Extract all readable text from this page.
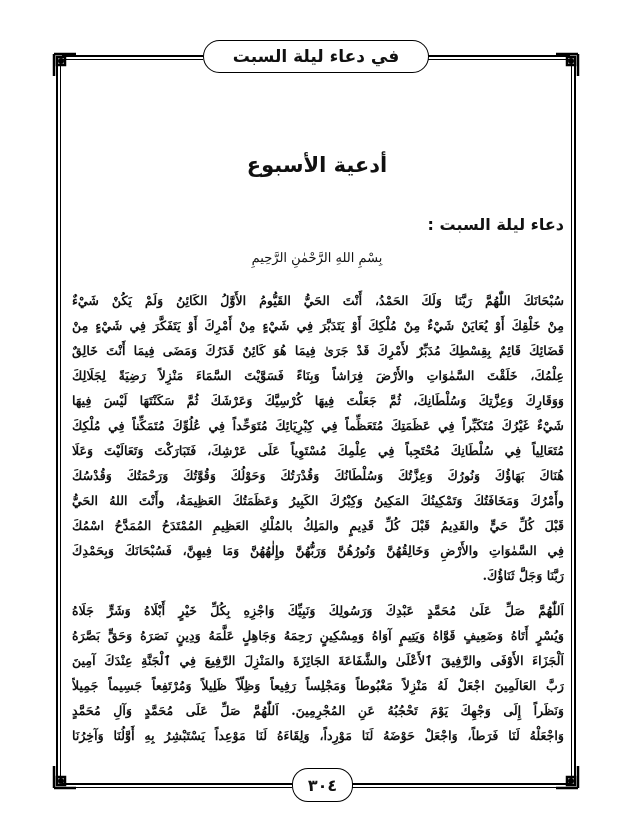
في دعاء ليلة السبت
أدعية الأسبوع
دعاء ليلة السبت :
بِسْمِ اللهِ الرَّحْمٰنِ الرَّحِيمِ
سُبْحَانَكَ اللّٰهُمَّ رَبَّنَا وَلَكَ الحَمْدُ، أَنْتَ الحَيُّ القَيُّومُ الأَوَّلُ الكَائِنُ وَلَمْ يَكُنْ شَيْءٌ
مِنْ خَلْقِكَ أَوْ يُعَايَنْ شَيْءٌ مِنْ مُلْكِكَ أَوْ يَتَدَبَّرَ فِي شَيْءٍ مِنْ أَمْرِكَ أَوْ يَتَفَكَّرَ فِي شَيْءٍ مِنْ
قَضَائِكَ قَائِمٌ بِقِسْطِكَ مُدَبِّرٌ لأَمْرِكَ قَدْ جَرَىٰ فِيمَا هُوَ كَائِنٌ قَدَرُكَ وَمَضَى فِيمَا أَنْتَ خَالِقٌ
عِلْمُكَ، خَلَقْتَ السَّمٰوَاتِ والأَرْضَ فِرَاشاً وَبِنَاءً فَسَوَّيْتَ السَّمَاءَ مَنْزِلاً رَضِيَةً لِجَلَالِكَ
وَوَقَارِكَ وَعِزَّتِكَ وَسُلْطَانِكَ، ثُمَّ جَعَلْتَ فِيهَا كُرْسِيَّكَ وَعَرْشَكَ ثُمَّ سَكَنْتَهَا لَيْسَ فِيهَا
شَيْءٌ غَيْرُكَ مُتَكَبِّراً فِي عَظَمَتِكَ مُتَعَظِّماً فِي كِبْرِيَائِكَ مُتَوَحِّداً فِي عُلُوِّكَ مُتَمَكِّناً فِي مُلْكِكَ
مُتَعَالِياً فِي سُلْطَانِكَ مُحْتَجِباً فِي عِلْمِكَ مُسْتَوِياً عَلَى عَرْشِكَ، فَتَبَارَكْتَ وَتَعَالَيْتَ وَعَلَا
هُنَاكَ بَهَاؤُكَ وَنُورُكَ وَعِزَّتُكَ وَسُلْطَانُكَ وَقُدْرَتُكَ وَحَوْلُكَ وَقُوَّتُكَ وَرَحْمَتُكَ وَقُدْسُكَ
وأَمْرُكَ وَمَخَافَتُكَ وَتَمْكِينُكَ المَكِينُ وَكِبْرُكَ الكَبِيرُ وَعَظَمَتُكَ العَظِيمَةُ، وأَنْتَ اللهُ الحَيُّ
قَبْلَ كُلِّ حَيٍّ والقَدِيمُ قَبْلَ كُلِّ قَدِيمٍ والمَلِكُ بالمُلْكِ العَظِيمِ المُمْتَدَحُ المُمَدَّحُ اسْمُكَ
فِي السَّمٰوَاتِ والأَرْضِ وَخَالِقُهُنَّ وَنُورُهُنَّ وَرَبُّهُنَّ وإِلٰهُهُنَّ وَمَا فِيهِنَّ، فَسُبْحَانَكَ وَبِحَمْدِكَ
رَبَّنَا وَجَلَّ ثَنَاؤُكَ.
اَللّٰهُمَّ صَلِّ عَلَىٰ مُحَمَّدٍ عَبْدِكَ وَرَسُولِكَ وَنَبِيِّكَ وَاجْزِهِ بِكُلِّ خَيْرٍ أَبْلَاهُ وَشَرٍّ جَلَاهُ
وَيُسْرٍ أَتَاهُ وَضَعِيفٍ قَوَّاهُ وَيَتِيمٍ آوَاهُ وَمِسْكِينٍ رَحِمَهُ وَجَاهِلٍ عَلَّمَهُ وَدِينٍ نَصَرَهُ وَحَقٍّ بَصَّرَهُ
اَلْجَزَاءَ الأَوْفَى والرَّفِيقَ ٱلأَعْلَىٰ والشَّفَاعَةَ الجَائِزَةَ والمَنْزِلَ الرَّفِيعَ فِي ٱلْجَنَّةِ عِنْدَكَ آمِينَ
رَبَّ العَالَمِينَ اجْعَلْ لَهُ مَنْزِلاً مَغْبُوطاً وَمَجْلِساً رَفِيعاً وَظِلّاً ظَلِيلاً وَمُرْتَفِعاً جَسِيماً جَمِيلاً
وَنَظَراً إِلَى وَجْهِكَ يَوْمَ تَحْجُبُهُ عَنِ المُجْرِمِينَ. اَللّٰهُمَّ صَلِّ عَلَى مُحَمَّدٍ وَآلِ مُحَمَّدٍ
وَاجْعَلْهُ لَنَا فَرَطاً، وَاجْعَلْ حَوْضَهُ لَنَا مَوْرِداً، وَلِقَاءَهُ لَنَا مَوْعِداً يَسْتَبْشِرُ بِهِ أَوَّلُنَا وَآخِرُنَا
٣٠٤
